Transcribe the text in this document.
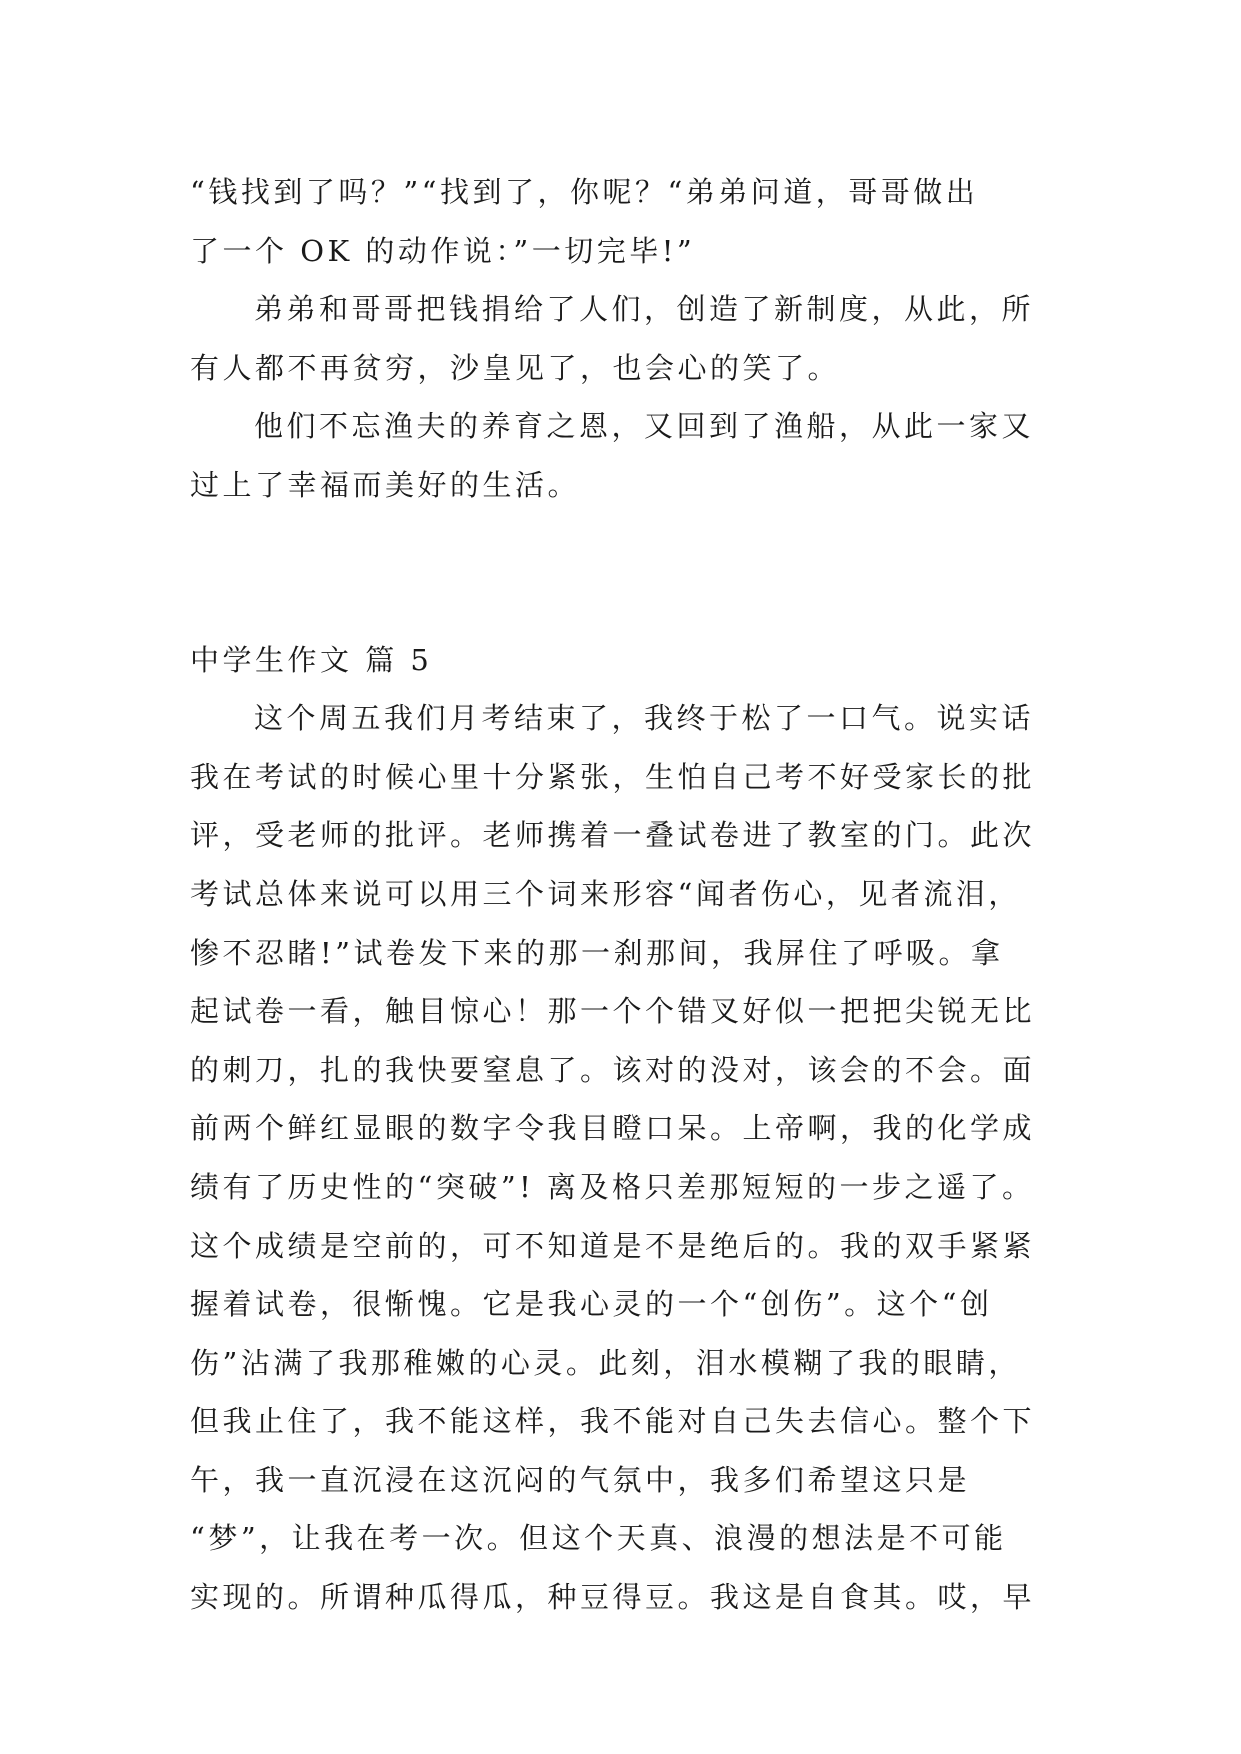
“钱找到了吗？”“找到了，你呢？“弟弟问道，哥哥做出
了一个 OK 的动作说：”一切完毕!”
弟弟和哥哥把钱捐给了人们，创造了新制度，从此，所
有人都不再贫穷，沙皇见了，也会心的笑了。
他们不忘渔夫的养育之恩，又回到了渔船，从此一家又
过上了幸福而美好的生活。
中学生作文 篇 5
这个周五我们月考结束了，我终于松了一口气。说实话
我在考试的时候心里十分紧张，生怕自己考不好受家长的批
评，受老师的批评。老师携着一叠试卷进了教室的门。此次
考试总体来说可以用三个词来形容“闻者伤心，见者流泪，
惨不忍睹!”试卷发下来的那一刹那间，我屏住了呼吸。拿
起试卷一看，触目惊心！那一个个错叉好似一把把尖锐无比
的刺刀，扎的我快要窒息了。该对的没对，该会的不会。面
前两个鲜红显眼的数字令我目瞪口呆。上帝啊，我的化学成
绩有了历史性的“突破”! 离及格只差那短短的一步之遥了。
这个成绩是空前的，可不知道是不是绝后的。我的双手紧紧
握着试卷，很惭愧。它是我心灵的一个“创伤”。这个“创
伤”沾满了我那稚嫩的心灵。此刻，泪水模糊了我的眼睛，
但我止住了，我不能这样，我不能对自己失去信心。整个下
午，我一直沉浸在这沉闷的气氛中，我多们希望这只是
“梦”，让我在考一次。但这个天真、浪漫的想法是不可能
实现的。所谓种瓜得瓜，种豆得豆。我这是自食其。哎，早
